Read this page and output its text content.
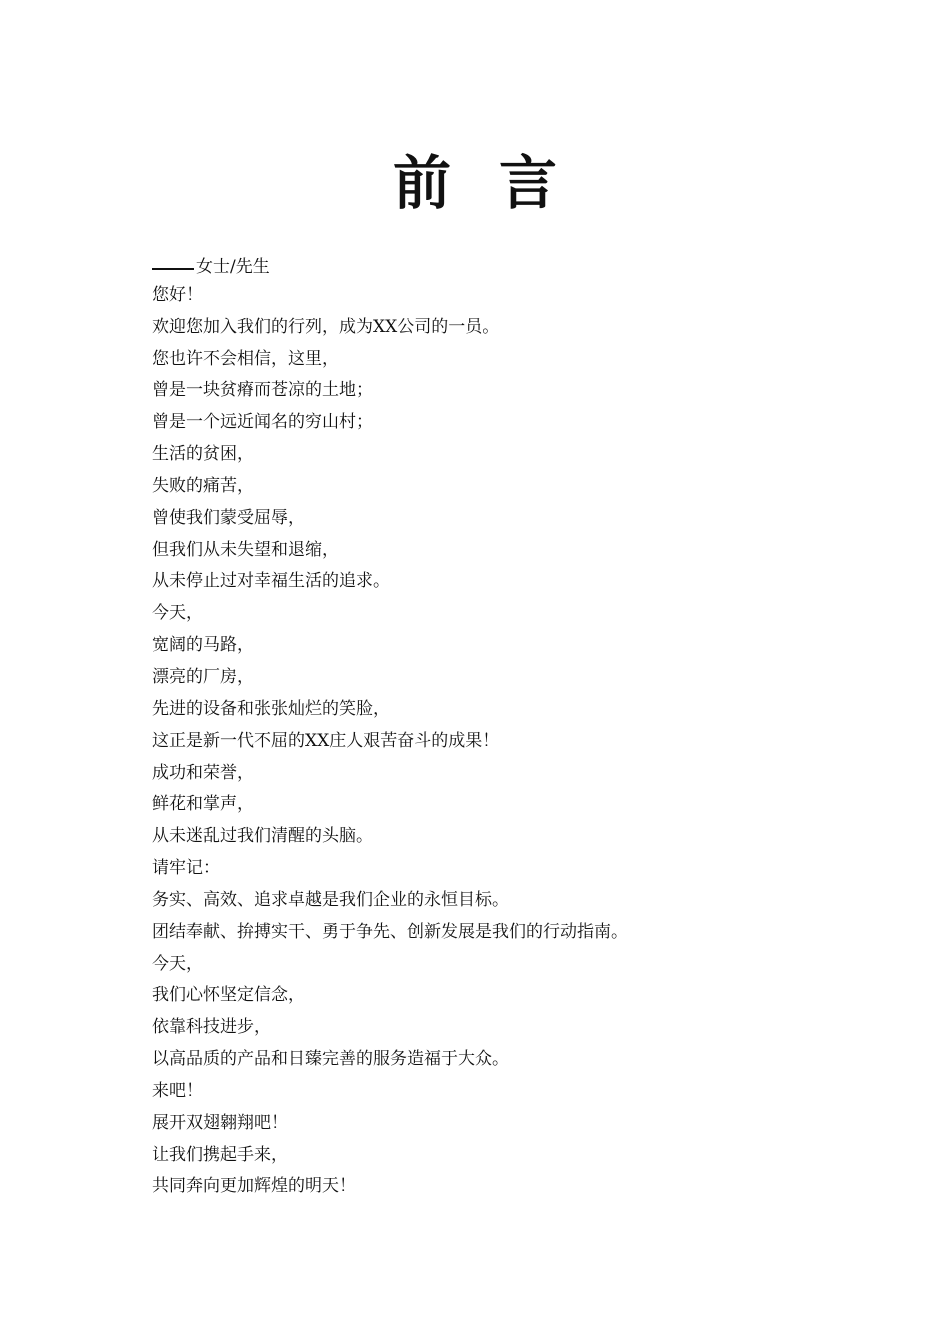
前 言
女士/先生
您好！
欢迎您加入我们的行列，成为XX公司的一员。
您也许不会相信，这里，
曾是一块贫瘠而苍凉的土地；
曾是一个远近闻名的穷山村；
生活的贫困，
失败的痛苦，
曾使我们蒙受屈辱，
但我们从未失望和退缩，
从未停止过对幸福生活的追求。
今天，
宽阔的马路，
漂亮的厂房，
先进的设备和张张灿烂的笑脸，
这正是新一代不屈的XX庄人艰苦奋斗的成果！
成功和荣誉，
鲜花和掌声，
从未迷乱过我们清醒的头脑。
请牢记：
务实、高效、追求卓越是我们企业的永恒目标。
团结奉献、拚搏实干、勇于争先、创新发展是我们的行动指南。
今天，
我们心怀坚定信念，
依靠科技进步，
以高品质的产品和日臻完善的服务造福于大众。
来吧！
展开双翅翱翔吧！
让我们携起手来，
共同奔向更加辉煌的明天！
